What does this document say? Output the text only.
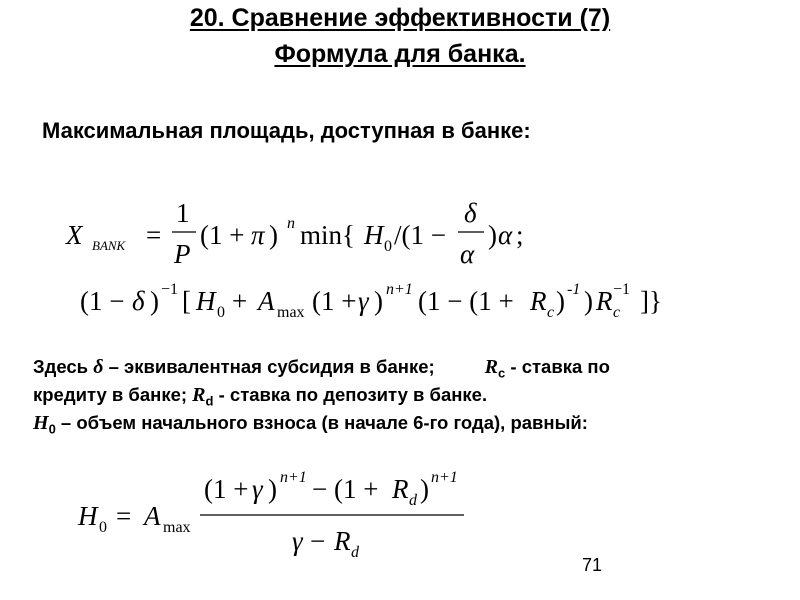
20. Сравнение эффективности (7)
Формула для банка.
Максимальная площадь, доступная в банке:
X BANK =
1
P
(1 + π ) n min{ H 0 /(1 −
δ
α
) α ;
(1 − δ ) −1 [ H 0 + A max (1 + γ ) n+1 (1 − (1 + R c ) -1 ) R c
−1 ]}
Здесь δ – эквивалентная субсидия в банке;	$R_c$ - ставка по
кредиту в банке; $R_d$ - ставка по депозиту в банке.
$H_0$ – объем начального взноса (в начале 6-го года), равный:
H 0 = A max
(1 + γ ) n+1 − (1 + R d ) n+1
γ − R d
71
